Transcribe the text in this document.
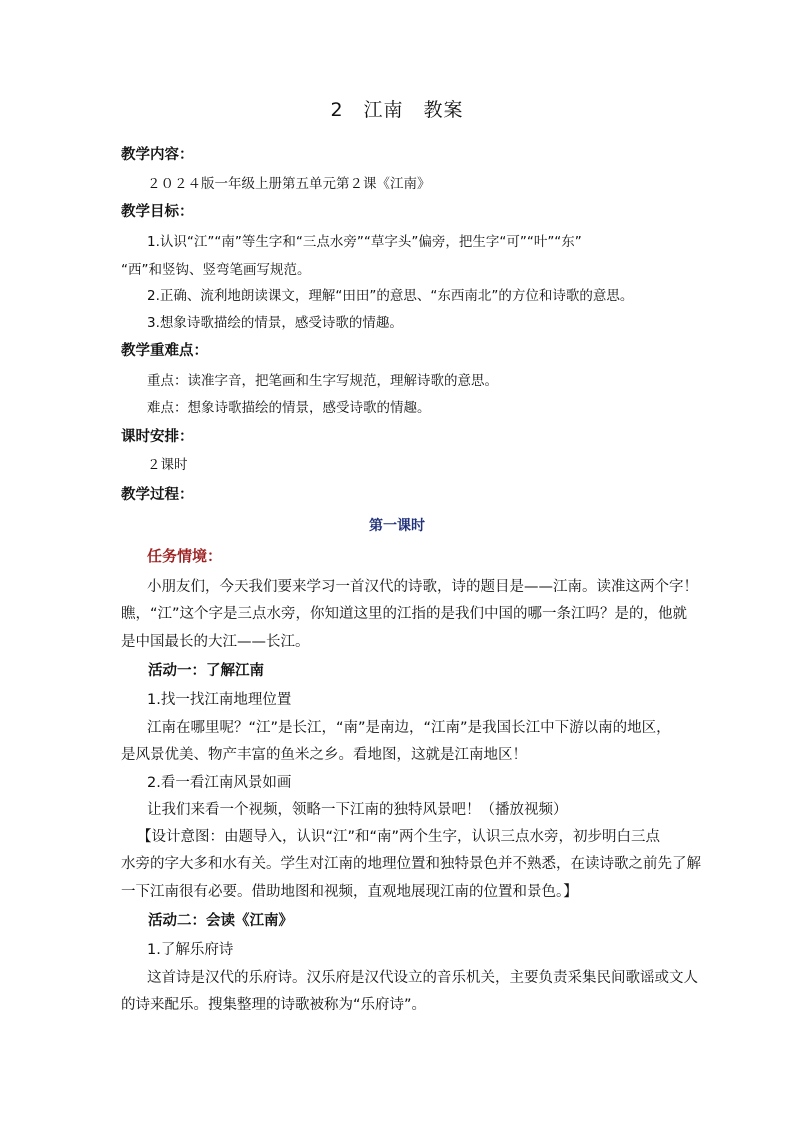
2　江南　教案
教学内容：
２０２４版一年级上册第五单元第２课《江南》
教学目标：
1.认识“江”“南”等生字和“三点水旁”“草字头”偏旁，把生字“可”“叶”“东”
“西”和竖钩、竖弯笔画写规范。
2.正确、流利地朗读课文，理解“田田”的意思、“东西南北”的方位和诗歌的意思。
3.想象诗歌描绘的情景，感受诗歌的情趣。
教学重难点：
重点：读准字音，把笔画和生字写规范，理解诗歌的意思。
难点：想象诗歌描绘的情景，感受诗歌的情趣。
课时安排：
２课时
教学过程：
第一课时
任务情境：
小朋友们，今天我们要来学习一首汉代的诗歌，诗的题目是——江南。读准这两个字！
瞧，“江”这个字是三点水旁，你知道这里的江指的是我们中国的哪一条江吗？是的，他就
是中国最长的大江——长江。
活动一：了解江南
1.找一找江南地理位置
江南在哪里呢？“江”是长江，“南”是南边，“江南”是我国长江中下游以南的地区，
是风景优美、物产丰富的鱼米之乡。看地图，这就是江南地区！
2.看一看江南风景如画
让我们来看一个视频，领略一下江南的独特风景吧！（播放视频）
【设计意图：由题导入，认识“江”和“南”两个生字，认识三点水旁，初步明白三点
水旁的字大多和水有关。学生对江南的地理位置和独特景色并不熟悉，在读诗歌之前先了解
一下江南很有必要。借助地图和视频，直观地展现江南的位置和景色。】
活动二：会读《江南》
1.了解乐府诗
这首诗是汉代的乐府诗。汉乐府是汉代设立的音乐机关，主要负责采集民间歌谣或文人
的诗来配乐。搜集整理的诗歌被称为“乐府诗”。
